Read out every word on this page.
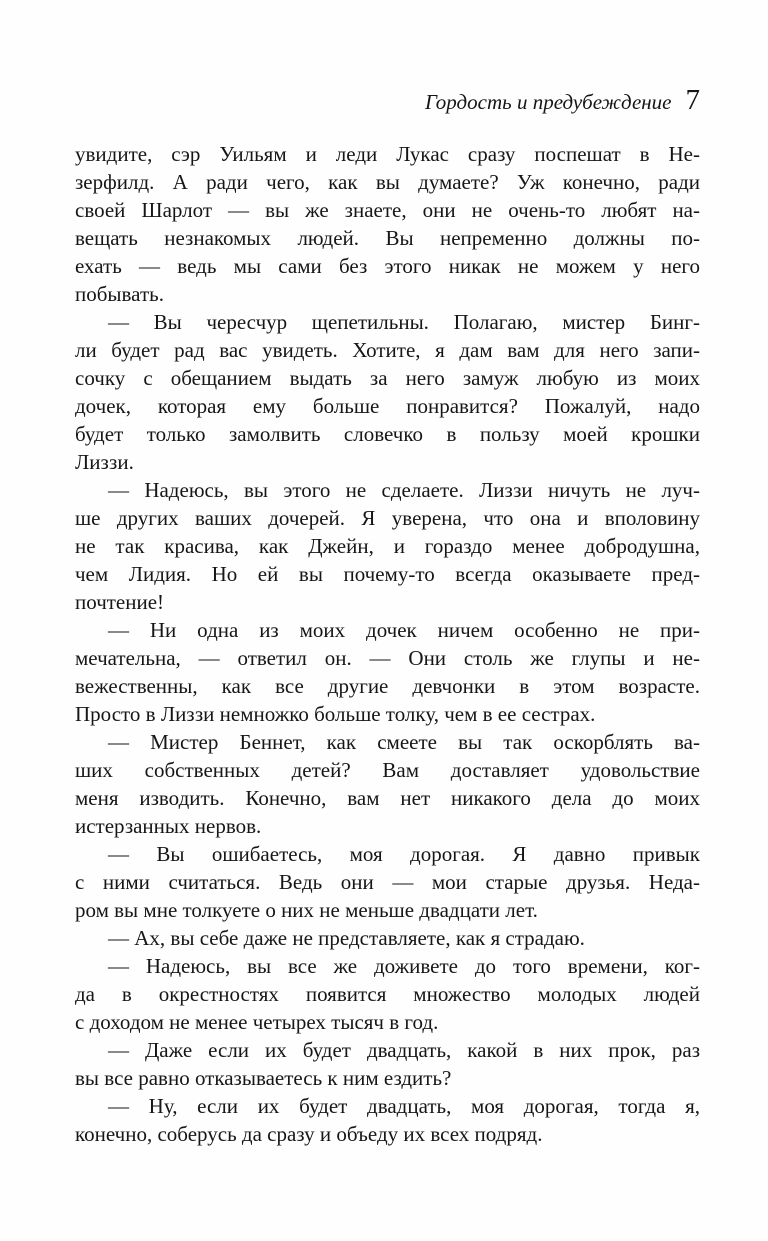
Гордость и предубеждение 7
увидите, сэр Уильям и леди Лукас сразу поспешат в Не-
зерфилд. А ради чего, как вы думаете? Уж конечно, ради
своей Шарлот — вы же знаете, они не очень-то любят на-
вещать незнакомых людей. Вы непременно должны по-
ехать — ведь мы сами без этого никак не можем у него
побывать.
— Вы чересчур щепетильны. Полагаю, мистер Бинг-
ли будет рад вас увидеть. Хотите, я дам вам для него запи-
сочку с обещанием выдать за него замуж любую из моих
дочек, которая ему больше понравится? Пожалуй, надо
будет только замолвить словечко в пользу моей крошки
Лиззи.
— Надеюсь, вы этого не сделаете. Лиззи ничуть не луч-
ше других ваших дочерей. Я уверена, что она и вполовину
не так красива, как Джейн, и гораздо менее добродушна,
чем Лидия. Но ей вы почему-то всегда оказываете пред-
почтение!
— Ни одна из моих дочек ничем особенно не при-
мечательна, — ответил он. — Они столь же глупы и не-
вежественны, как все другие девчонки в этом возрасте.
Просто в Лиззи немножко больше толку, чем в ее сестрах.
— Мистер Беннет, как смеете вы так оскорблять ва-
ших собственных детей? Вам доставляет удовольствие
меня изводить. Конечно, вам нет никакого дела до моих
истерзанных нервов.
— Вы ошибаетесь, моя дорогая. Я давно привык
с ними считаться. Ведь они — мои старые друзья. Неда-
ром вы мне толкуете о них не меньше двадцати лет.
— Ах, вы себе даже не представляете, как я страдаю.
— Надеюсь, вы все же доживете до того времени, ког-
да в окрестностях появится множество молодых людей
с доходом не менее четырех тысяч в год.
— Даже если их будет двадцать, какой в них прок, раз
вы все равно отказываетесь к ним ездить?
— Ну, если их будет двадцать, моя дорогая, тогда я,
конечно, соберусь да сразу и объеду их всех подряд.
